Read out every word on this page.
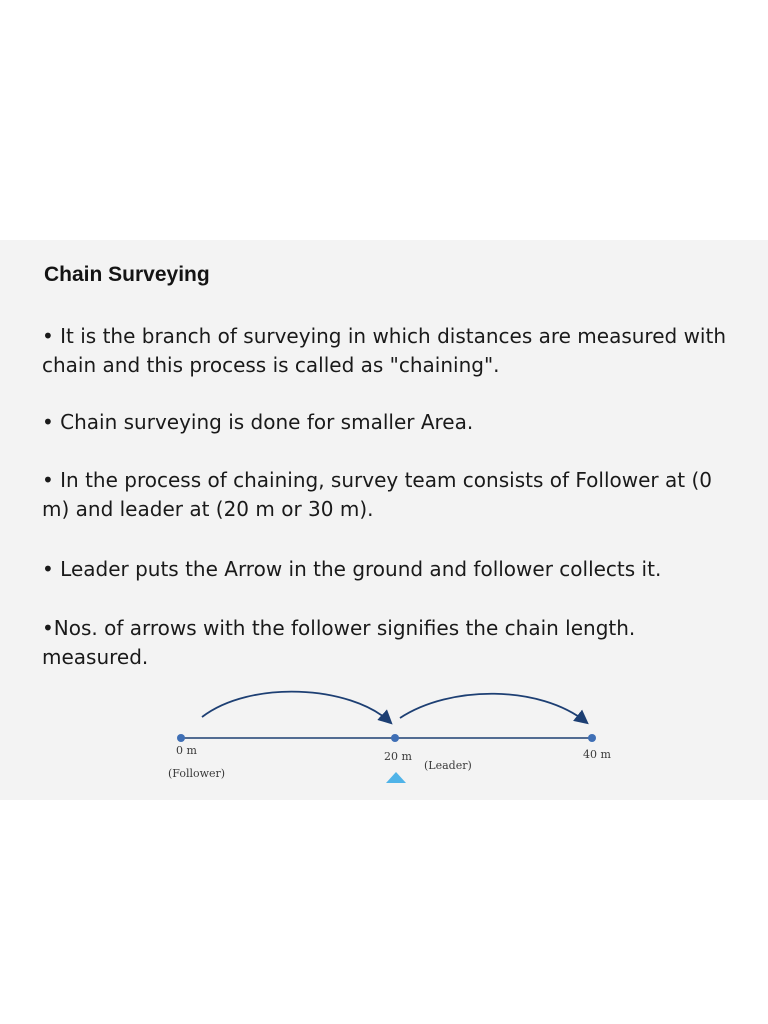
Chain Surveying

• It is the branch of surveying in which distances are measured with chain and this process is called as "chaining".

• Chain surveying is done for smaller Area.

• In the process of chaining, survey team consists of Follower at (0 m) and leader at (20 m or 30 m).

• Leader puts the Arrow in the ground and follower collects it.

•Nos. of arrows with the follower signifies the chain length. measured.

0 m
(Follower)
20 m
(Leader)
40 m
